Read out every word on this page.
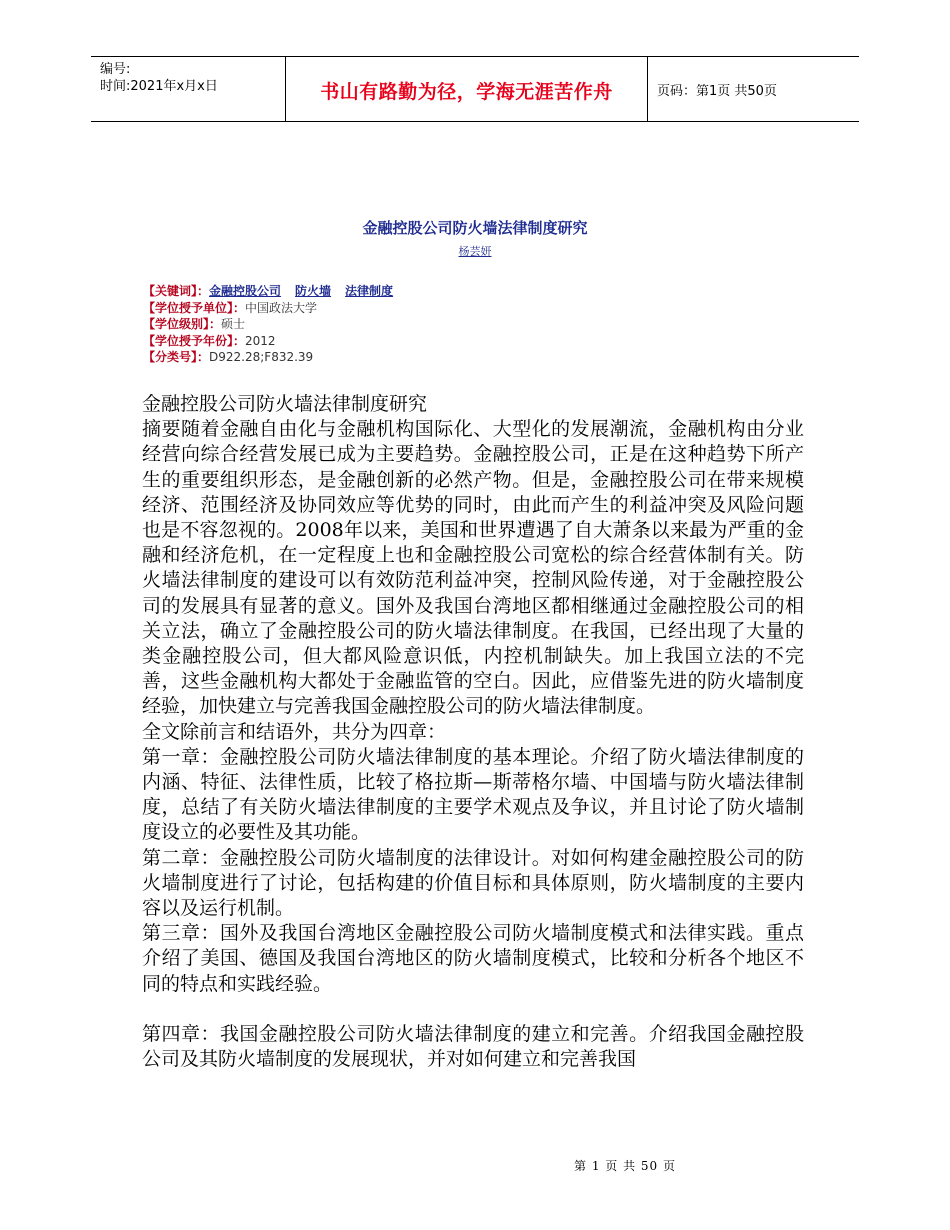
编号:
时间:2021年x月x日	书山有路勤为径，学海无涯苦作舟	页码：第1页 共50页
金融控股公司防火墙法律制度研究
杨芸妍
【关键词】：金融控股公司 防火墙 法律制度
【学位授予单位】：中国政法大学
【学位级别】：硕士
【学位授予年份】：2012
【分类号】：D922.28;F832.39

金融控股公司防火墙法律制度研究

摘要随着金融自由化与金融机构国际化、大型化的发展潮流，金融机构由分业经营向综合经营发展已成为主要趋势。金融控股公司，正是在这种趋势下所产生的重要组织形态，是金融创新的必然产物。但是，金融控股公司在带来规模经济、范围经济及协同效应等优势的同时，由此而产生的利益冲突及风险问题也是不容忽视的。2008年以来，美国和世界遭遇了自大萧条以来最为严重的金融和经济危机，在一定程度上也和金融控股公司宽松的综合经营体制有关。防火墙法律制度的建设可以有效防范利益冲突，控制风险传递，对于金融控股公司的发展具有显著的意义。国外及我国台湾地区都相继通过金融控股公司的相关立法，确立了金融控股公司的防火墙法律制度。在我国，已经出现了大量的类金融控股公司，但大都风险意识低，内控机制缺失。加上我国立法的不完善，这些金融机构大都处于金融监管的空白。因此，应借鉴先进的防火墙制度经验，加快建立与完善我国金融控股公司的防火墙法律制度。

全文除前言和结语外，共分为四章：

第一章：金融控股公司防火墙法律制度的基本理论。介绍了防火墙法律制度的内涵、特征、法律性质，比较了格拉斯—斯蒂格尔墙、中国墙与防火墙法律制度，总结了有关防火墙法律制度的主要学术观点及争议，并且讨论了防火墙制度设立的必要性及其功能。

第二章：金融控股公司防火墙制度的法律设计。对如何构建金融控股公司的防火墙制度进行了讨论，包括构建的价值目标和具体原则，防火墙制度的主要内容以及运行机制。

第三章：国外及我国台湾地区金融控股公司防火墙制度模式和法律实践。重点介绍了美国、德国及我国台湾地区的防火墙制度模式，比较和分析各个地区不同的特点和实践经验。

第四章：我国金融控股公司防火墙法律制度的建立和完善。介绍我国金融控股公司及其防火墙制度的发展现状，并对如何建立和完善我国

第 1 页 共 50 页
